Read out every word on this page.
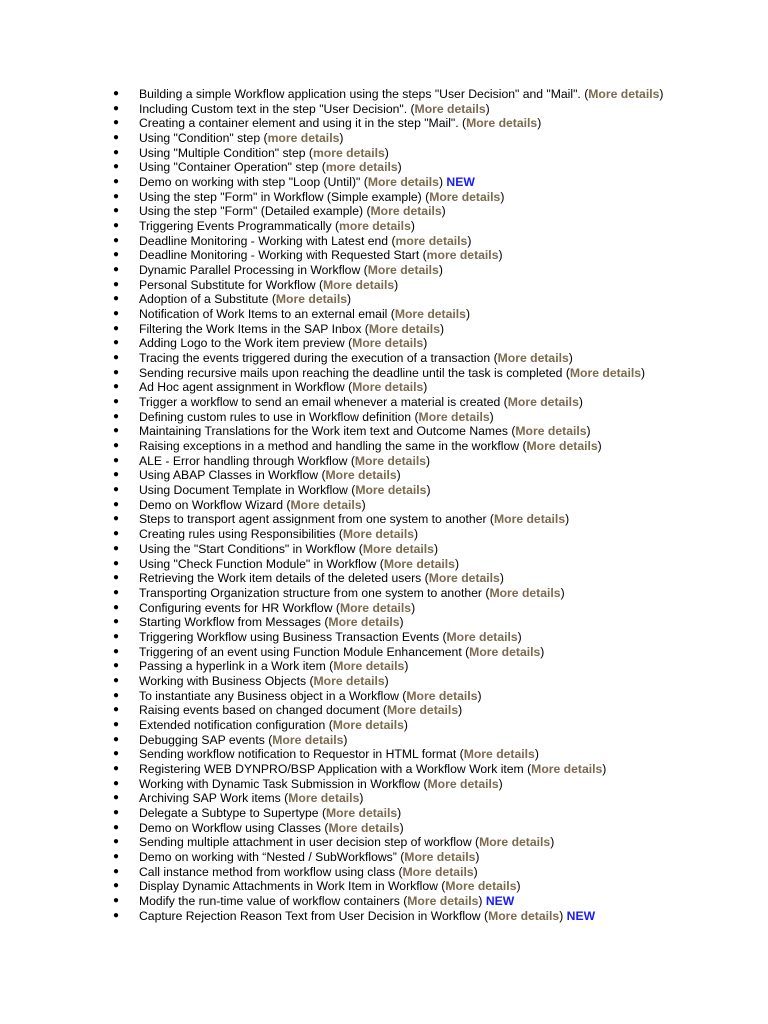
● Building a simple Workflow application using the steps "User Decision" and "Mail". (More details)
● Including Custom text in the step "User Decision". (More details)
● Creating a container element and using it in the step "Mail". (More details)
● Using "Condition" step (more details)
● Using "Multiple Condition" step (more details)
● Using "Container Operation" step (more details)
● Demo on working with step "Loop (Until)" (More details) NEW
● Using the step "Form" in Workflow (Simple example) (More details)
● Using the step "Form" (Detailed example) (More details)
● Triggering Events Programmatically (more details)
● Deadline Monitoring - Working with Latest end (more details)
● Deadline Monitoring - Working with Requested Start (more details)
● Dynamic Parallel Processing in Workflow (More details)
● Personal Substitute for Workflow (More details)
● Adoption of a Substitute (More details)
● Notification of Work Items to an external email (More details)
● Filtering the Work Items in the SAP Inbox (More details)
● Adding Logo to the Work item preview (More details)
● Tracing the events triggered during the execution of a transaction (More details)
● Sending recursive mails upon reaching the deadline until the task is completed (More details)
● Ad Hoc agent assignment in Workflow (More details)
● Trigger a workflow to send an email whenever a material is created (More details)
● Defining custom rules to use in Workflow definition (More details)
● Maintaining Translations for the Work item text and Outcome Names (More details)
● Raising exceptions in a method and handling the same in the workflow (More details)
● ALE - Error handling through Workflow (More details)
● Using ABAP Classes in Workflow (More details)
● Using Document Template in Workflow (More details)
● Demo on Workflow Wizard (More details)
● Steps to transport agent assignment from one system to another (More details)
● Creating rules using Responsibilities (More details)
● Using the "Start Conditions" in Workflow (More details)
● Using "Check Function Module" in Workflow (More details)
● Retrieving the Work item details of the deleted users (More details)
● Transporting Organization structure from one system to another (More details)
● Configuring events for HR Workflow (More details)
● Starting Workflow from Messages (More details)
● Triggering Workflow using Business Transaction Events (More details)
● Triggering of an event using Function Module Enhancement (More details)
● Passing a hyperlink in a Work item (More details)
● Working with Business Objects (More details)
● To instantiate any Business object in a Workflow (More details)
● Raising events based on changed document (More details)
● Extended notification configuration (More details)
● Debugging SAP events (More details)
● Sending workflow notification to Requestor in HTML format (More details)
● Registering WEB DYNPRO/BSP Application with a Workflow Work item (More details)
● Working with Dynamic Task Submission in Workflow (More details)
● Archiving SAP Work items (More details)
● Delegate a Subtype to Supertype (More details)
● Demo on Workflow using Classes (More details)
● Sending multiple attachment in user decision step of workflow (More details)
● Demo on working with “Nested / SubWorkflows” (More details)
● Call instance method from workflow using class (More details)
● Display Dynamic Attachments in Work Item in Workflow (More details)
● Modify the run-time value of workflow containers (More details) NEW
● Capture Rejection Reason Text from User Decision in Workflow (More details) NEW
